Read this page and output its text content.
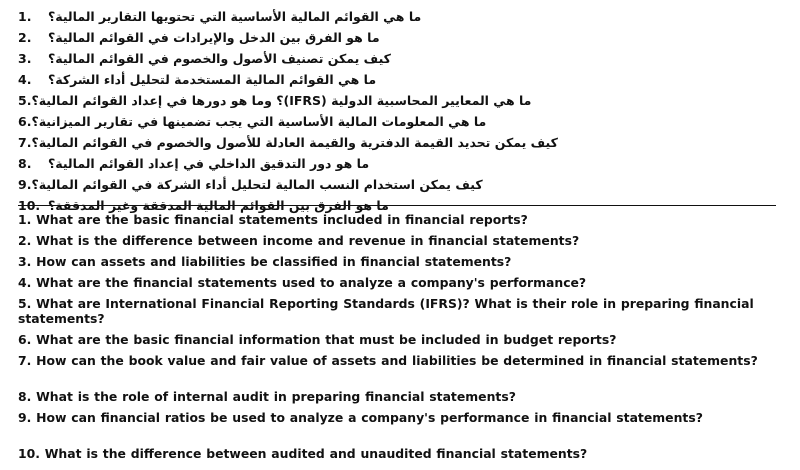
1.	ما هي القوائم المالية الأساسية التي تحتويها التقارير المالية؟
2.	ما هو الفرق بين الدخل والإيرادات في القوائم المالية؟
3.	كيف يمكن تصنيف الأصول والخصوم في القوائم المالية؟
4.	ما هي القوائم المالية المستخدمة لتحليل أداء الشركة؟
5. ما هي المعايير المحاسبية الدولية (IFRS)؟ وما هو دورها في إعداد القوائم المالية؟
6. ما هي المعلومات المالية الأساسية التي يجب تضمينها في تقارير الميزانية؟
7. كيف يمكن تحديد القيمة الدفترية والقيمة العادلة للأصول والخصوم في القوائم المالية؟
8.	ما هو دور التدقيق الداخلي في إعداد القوائم المالية؟
9. كيف يمكن استخدام النسب المالية لتحليل أداء الشركة في القوائم المالية؟
10. ما هو الفرق بين القوائم المالية المدققة وغير المدققة؟
1. What are the basic financial statements included in financial reports?
2. What is the difference between income and revenue in financial statements?
3. How can assets and liabilities be classified in financial statements?
4. What are the financial statements used to analyze a company's performance?
5. What are International Financial Reporting Standards (IFRS)? What is their role in preparing financial statements?
6. What are the basic financial information that must be included in budget reports?
7. How can the book value and fair value of assets and liabilities be determined in financial statements?
8. What is the role of internal audit in preparing financial statements?
9. How can financial ratios be used to analyze a company's performance in financial statements?
10. What is the difference between audited and unaudited financial statements?
